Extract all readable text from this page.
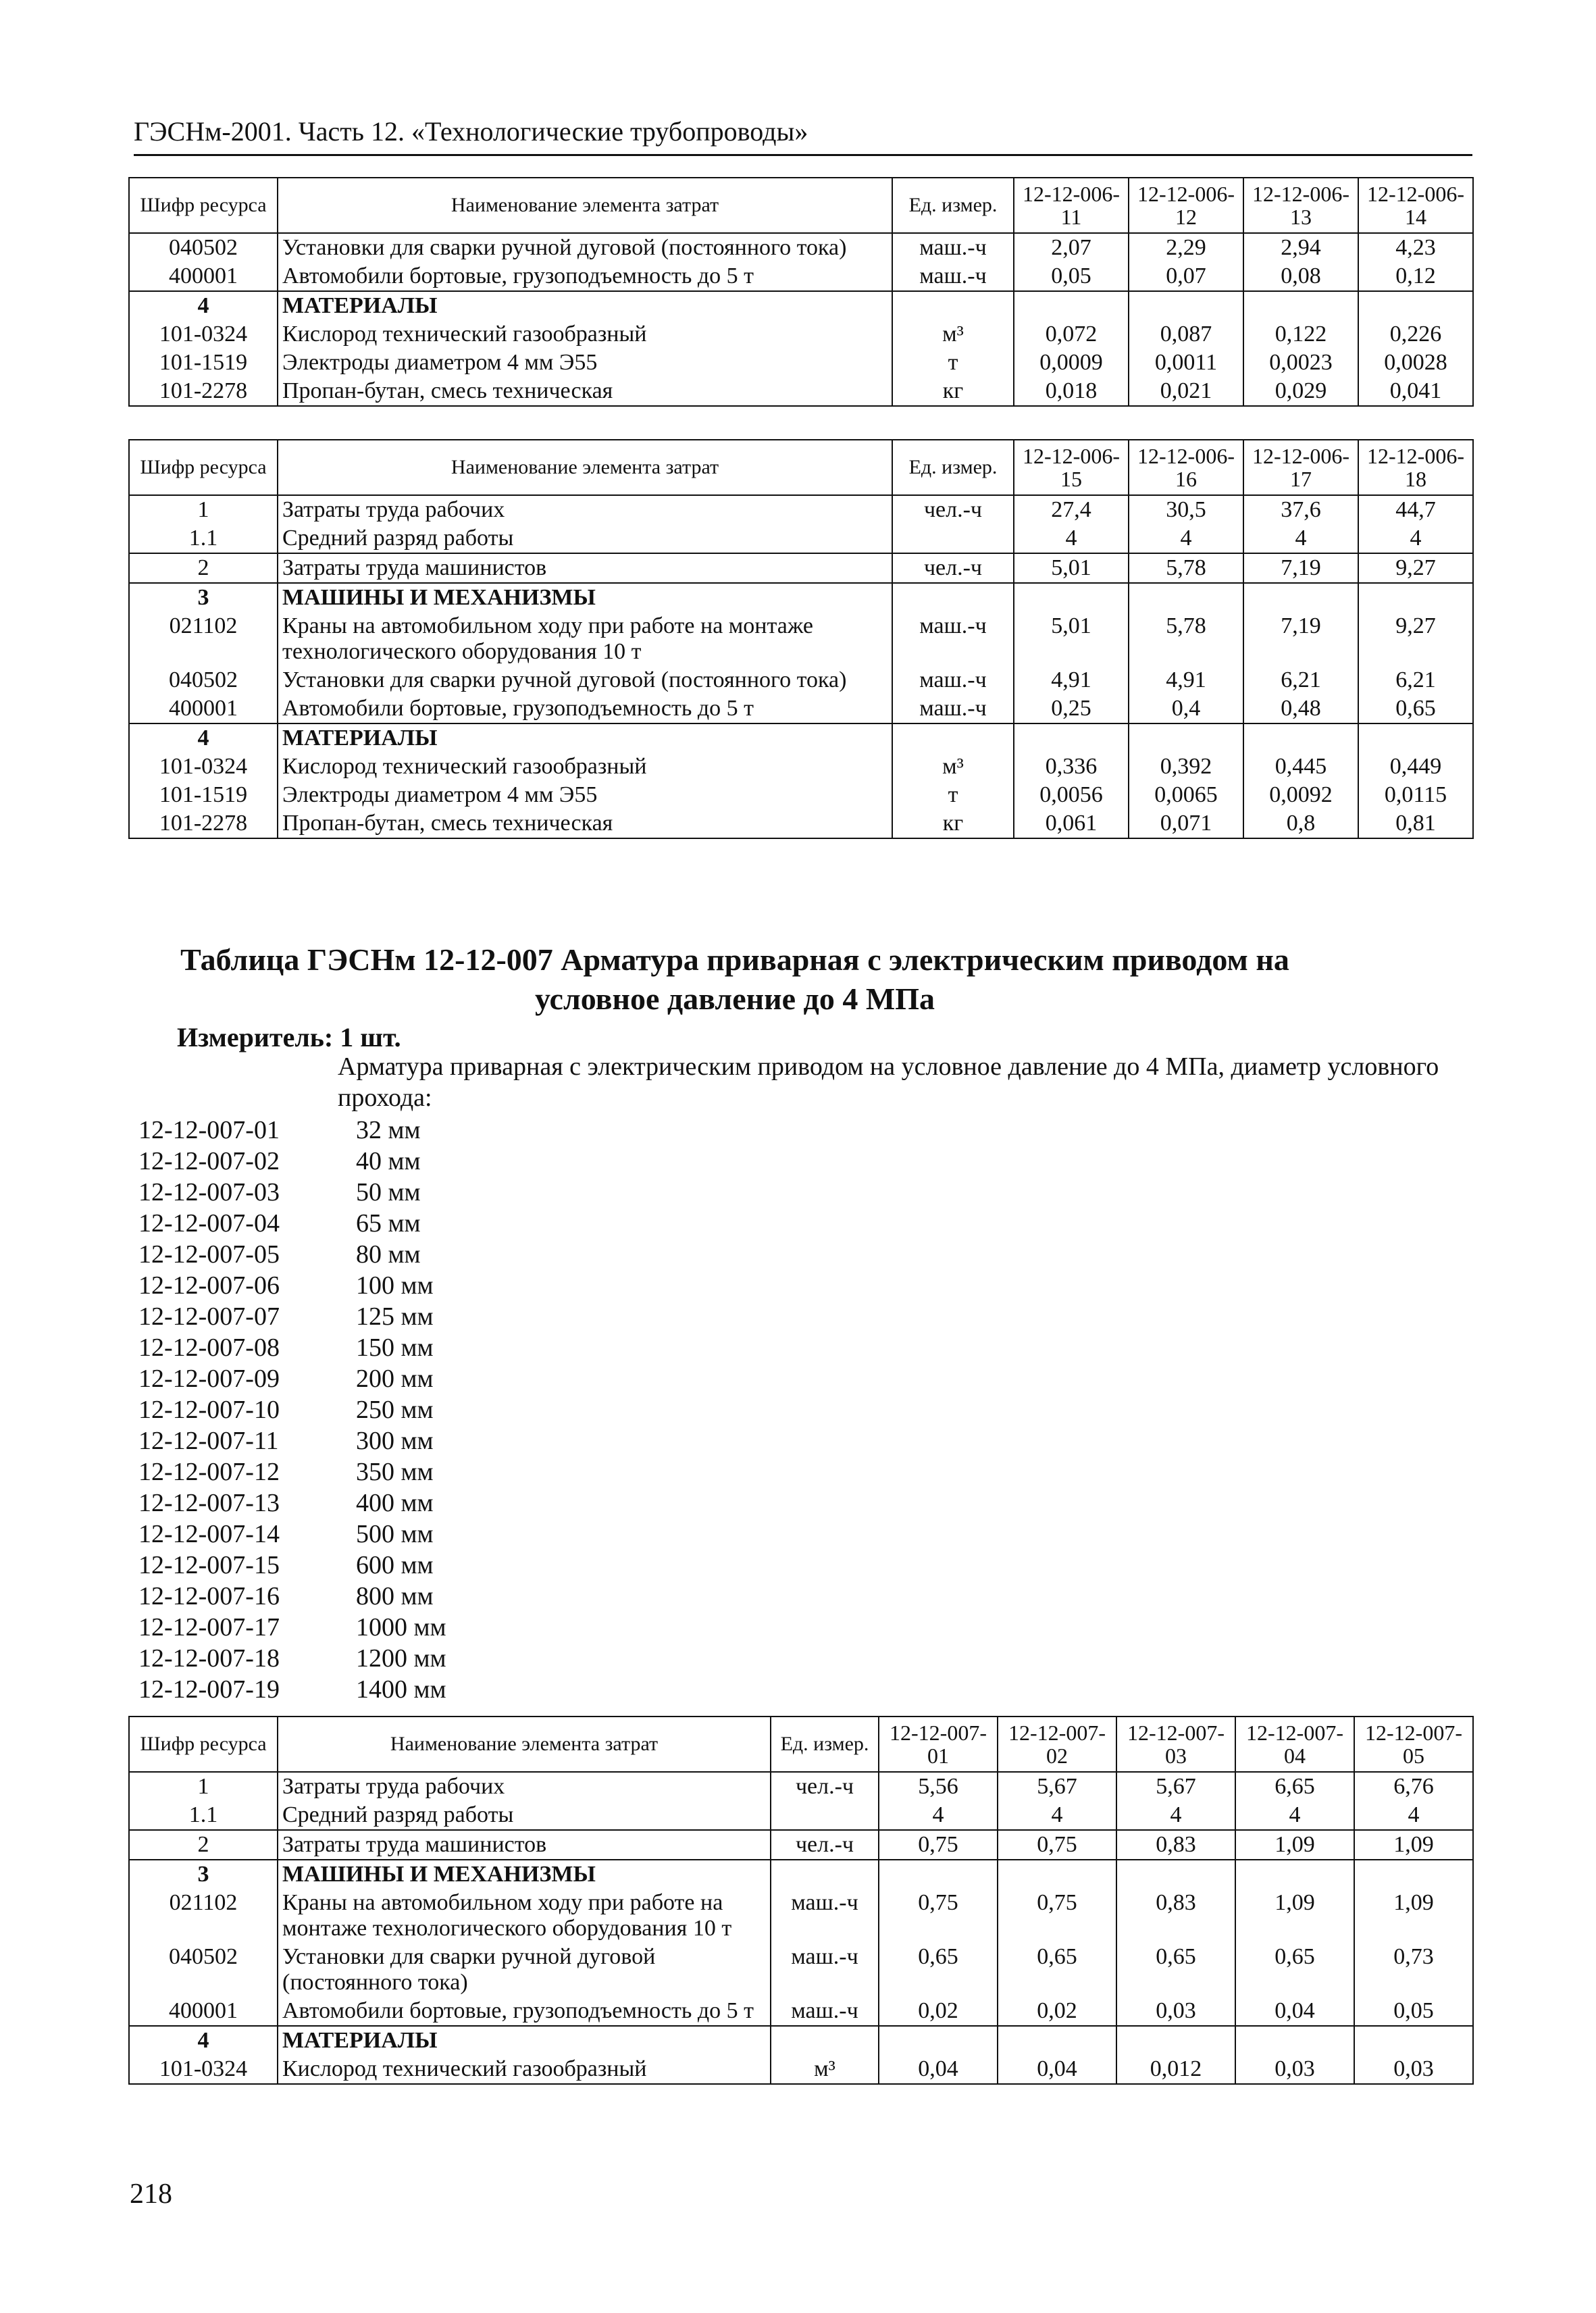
ГЭСНм-2001. Часть 12. «Технологические трубопроводы»
Шифр ресурса	Наименование элемента затрат	Ед. измер.	12-12-006-11	12-12-006-12	12-12-006-13	12-12-006-14
040502	Установки для сварки ручной дуговой (постоянного тока)	маш.-ч	2,07	2,29	2,94	4,23
400001	Автомобили бортовые, грузоподъемность до 5 т	маш.-ч	0,05	0,07	0,08	0,12
4	МАТЕРИАЛЫ					
101-0324	Кислород технический газообразный	м³	0,072	0,087	0,122	0,226
101-1519	Электроды диаметром 4 мм Э55	т	0,0009	0,0011	0,0023	0,0028
101-2278	Пропан-бутан, смесь техническая	кг	0,018	0,021	0,029	0,041
Шифр ресурса	Наименование элемента затрат	Ед. измер.	12-12-006-15	12-12-006-16	12-12-006-17	12-12-006-18
1	Затраты труда рабочих	чел.-ч	27,4	30,5	37,6	44,7
1.1	Средний разряд работы		4	4	4	4
2	Затраты труда машинистов	чел.-ч	5,01	5,78	7,19	9,27
3	МАШИНЫ И МЕХАНИЗМЫ					
021102	Краны на автомобильном ходу при работе на монтаже технологического оборудования 10 т	маш.-ч	5,01	5,78	7,19	9,27
040502	Установки для сварки ручной дуговой (постоянного тока)	маш.-ч	4,91	4,91	6,21	6,21
400001	Автомобили бортовые, грузоподъемность до 5 т	маш.-ч	0,25	0,4	0,48	0,65
4	МАТЕРИАЛЫ					
101-0324	Кислород технический газообразный	м³	0,336	0,392	0,445	0,449
101-1519	Электроды диаметром 4 мм Э55	т	0,0056	0,0065	0,0092	0,0115
101-2278	Пропан-бутан, смесь техническая	кг	0,061	0,071	0,8	0,81
Таблица ГЭСНм 12-12-007 Арматура приварная с электрическим приводом на условное давление до 4 МПа
Измеритель: 1 шт.
Арматура приварная с электрическим приводом на условное давление до 4 МПа, диаметр условного прохода:
12-12-007-01	32 мм
12-12-007-02	40 мм
12-12-007-03	50 мм
12-12-007-04	65 мм
12-12-007-05	80 мм
12-12-007-06	100 мм
12-12-007-07	125 мм
12-12-007-08	150 мм
12-12-007-09	200 мм
12-12-007-10	250 мм
12-12-007-11	300 мм
12-12-007-12	350 мм
12-12-007-13	400 мм
12-12-007-14	500 мм
12-12-007-15	600 мм
12-12-007-16	800 мм
12-12-007-17	1000 мм
12-12-007-18	1200 мм
12-12-007-19	1400 мм
Шифр ресурса	Наименование элемента затрат	Ед. измер.	12-12-007-01	12-12-007-02	12-12-007-03	12-12-007-04	12-12-007-05
1	Затраты труда рабочих	чел.-ч	5,56	5,67	5,67	6,65	6,76
1.1	Средний разряд работы		4	4	4	4	4
2	Затраты труда машинистов	чел.-ч	0,75	0,75	0,83	1,09	1,09
3	МАШИНЫ И МЕХАНИЗМЫ						
021102	Краны на автомобильном ходу при работе на монтаже технологического оборудования 10 т	маш.-ч	0,75	0,75	0,83	1,09	1,09
040502	Установки для сварки ручной дуговой (постоянного тока)	маш.-ч	0,65	0,65	0,65	0,65	0,73
400001	Автомобили бортовые, грузоподъемность до 5 т	маш.-ч	0,02	0,02	0,03	0,04	0,05
4	МАТЕРИАЛЫ						
101-0324	Кислород технический газообразный	м³	0,04	0,04	0,012	0,03	0,03
218
